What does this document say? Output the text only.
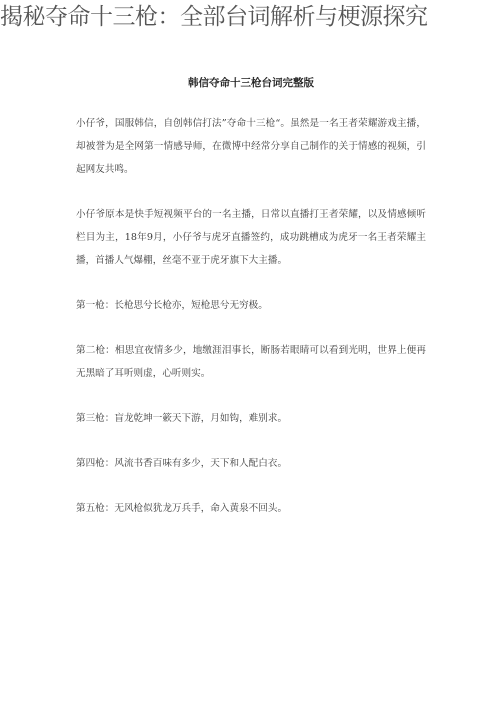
揭秘夺命十三枪：全部台词解析与梗源探究
韩信夺命十三枪台词完整版

小仔爷，国服韩信，自创韩信打法”夺命十三枪“。虽然是一名王者荣耀游戏主播，却被誉为是全网第一情感导师，在微博中经常分享自己制作的关于情感的视频，引起网友共鸣。

小仔爷原本是快手短视频平台的一名主播，日常以直播打王者荣耀，以及情感倾听栏目为主，18年9月，小仔爷与虎牙直播签约，成功跳槽成为虎牙一名王者荣耀主播，首播人气爆棚，丝毫不亚于虎牙旗下大主播。

第一枪：长枪思兮长枪亦，短枪思兮无穷极。

第二枪：相思宜夜情多少，地缴涯泪事长，断肠若眼睛可以看到光明，世界上便再无黑暗了耳听则虚，心听则实。

第三枪：盲龙乾坤一簌天下游，月如钩，难别求。

第四枪：风流书香百味有多少，天下和人配白衣。

第五枪：无风枪似犹龙万兵手，命入黄泉不回头。
